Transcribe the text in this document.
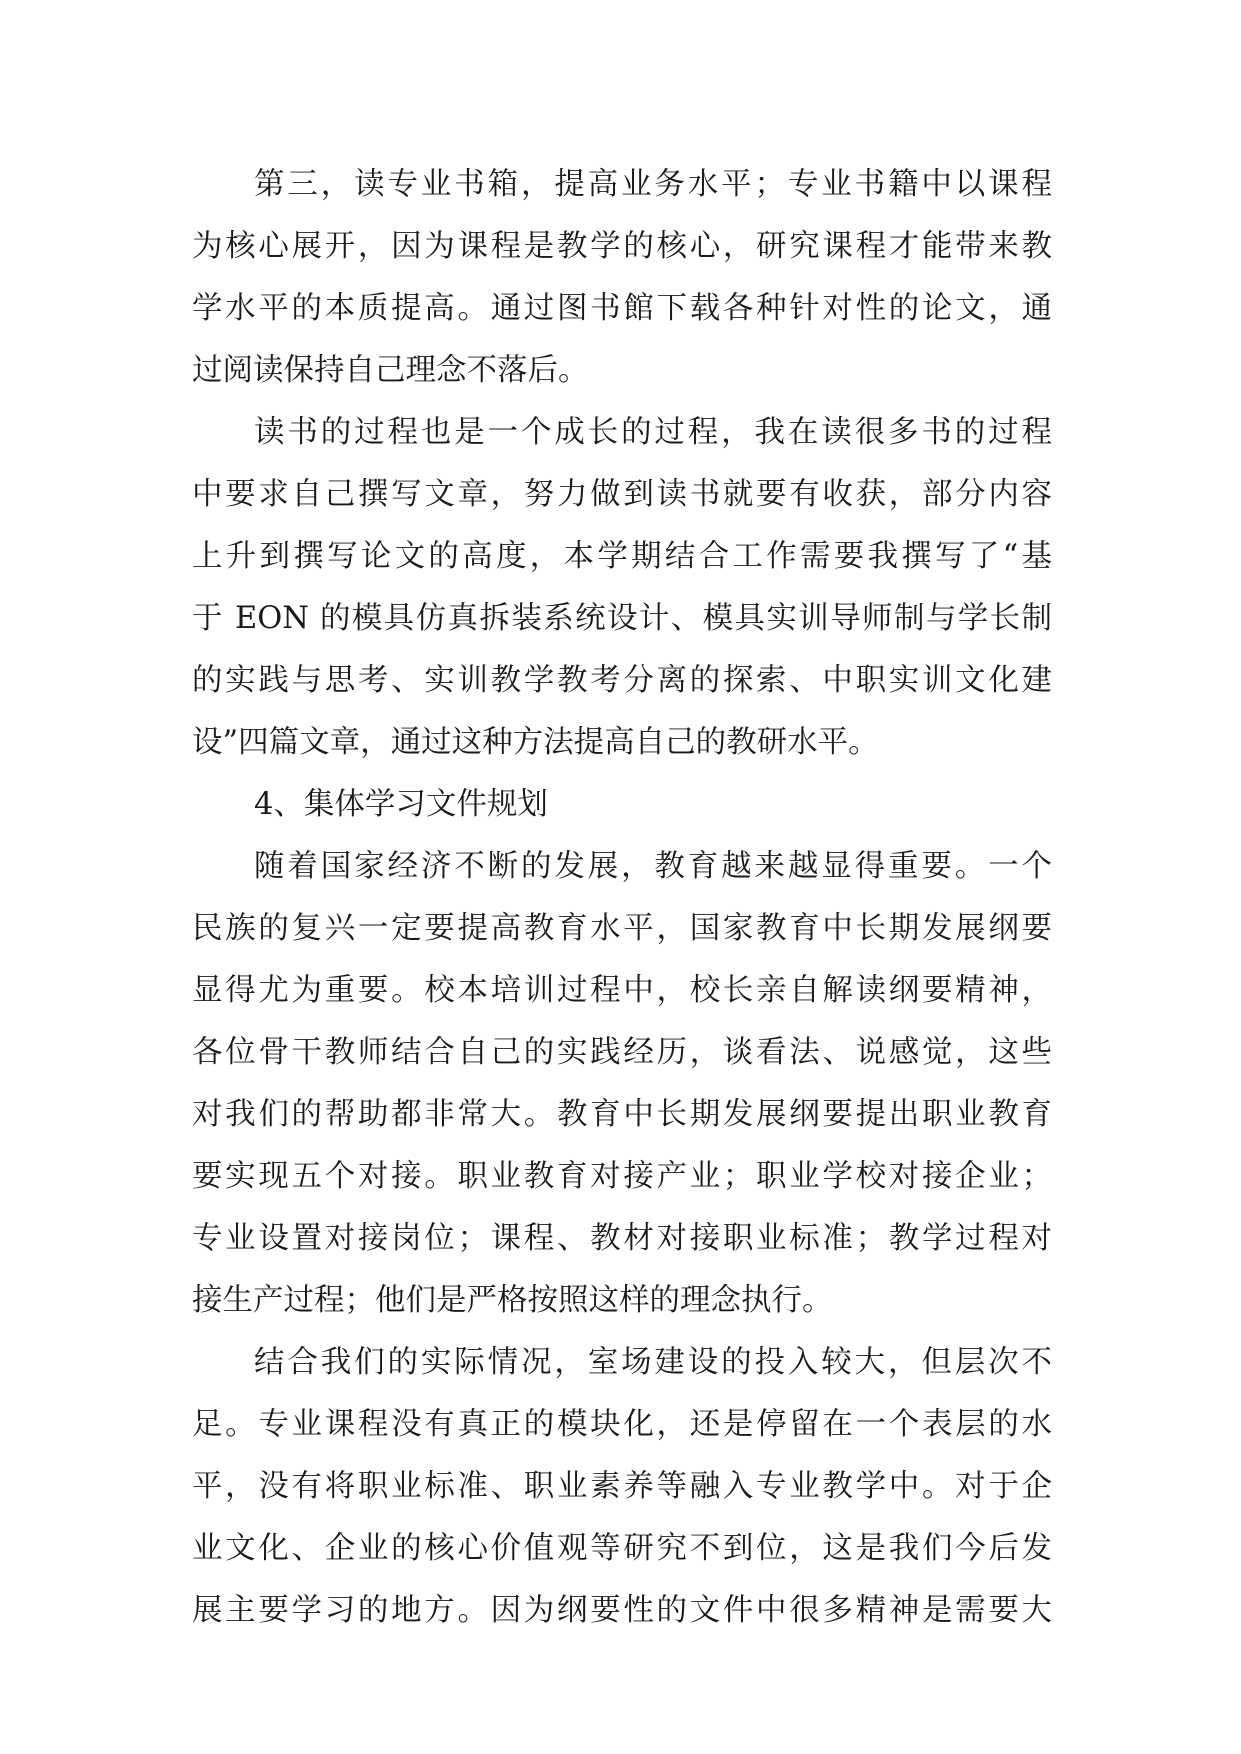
第三，读专业书箱，提高业务水平；专业书籍中以课程
为核心展开，因为课程是教学的核心，研究课程才能带来教
学水平的本质提高。通过图书館下载各种针对性的论文，通
过阅读保持自己理念不落后。
读书的过程也是一个成长的过程，我在读很多书的过程
中要求自己撰写文章，努力做到读书就要有收获，部分内容
上升到撰写论文的高度，本学期结合工作需要我撰写了“基
于 EON 的模具仿真拆装系统设计、模具实训导师制与学长制
的实践与思考、实训教学教考分离的探索、中职实训文化建
设”四篇文章，通过这种方法提高自己的教研水平。
4、集体学习文件规划
随着国家经济不断的发展，教育越来越显得重要。一个
民族的复兴一定要提高教育水平，国家教育中长期发展纲要
显得尤为重要。校本培训过程中，校长亲自解读纲要精神，
各位骨干教师结合自己的实践经历，谈看法、说感觉，这些
对我们的帮助都非常大。教育中长期发展纲要提出职业教育
要实现五个对接。职业教育对接产业；职业学校对接企业；
专业设置对接岗位；课程、教材对接职业标准；教学过程对
接生产过程；他们是严格按照这样的理念执行。
结合我们的实际情况，室场建设的投入较大，但层次不
足。专业课程没有真正的模块化，还是停留在一个表层的水
平，没有将职业标准、职业素养等融入专业教学中。对于企
业文化、企业的核心价值观等研究不到位，这是我们今后发
展主要学习的地方。因为纲要性的文件中很多精神是需要大
